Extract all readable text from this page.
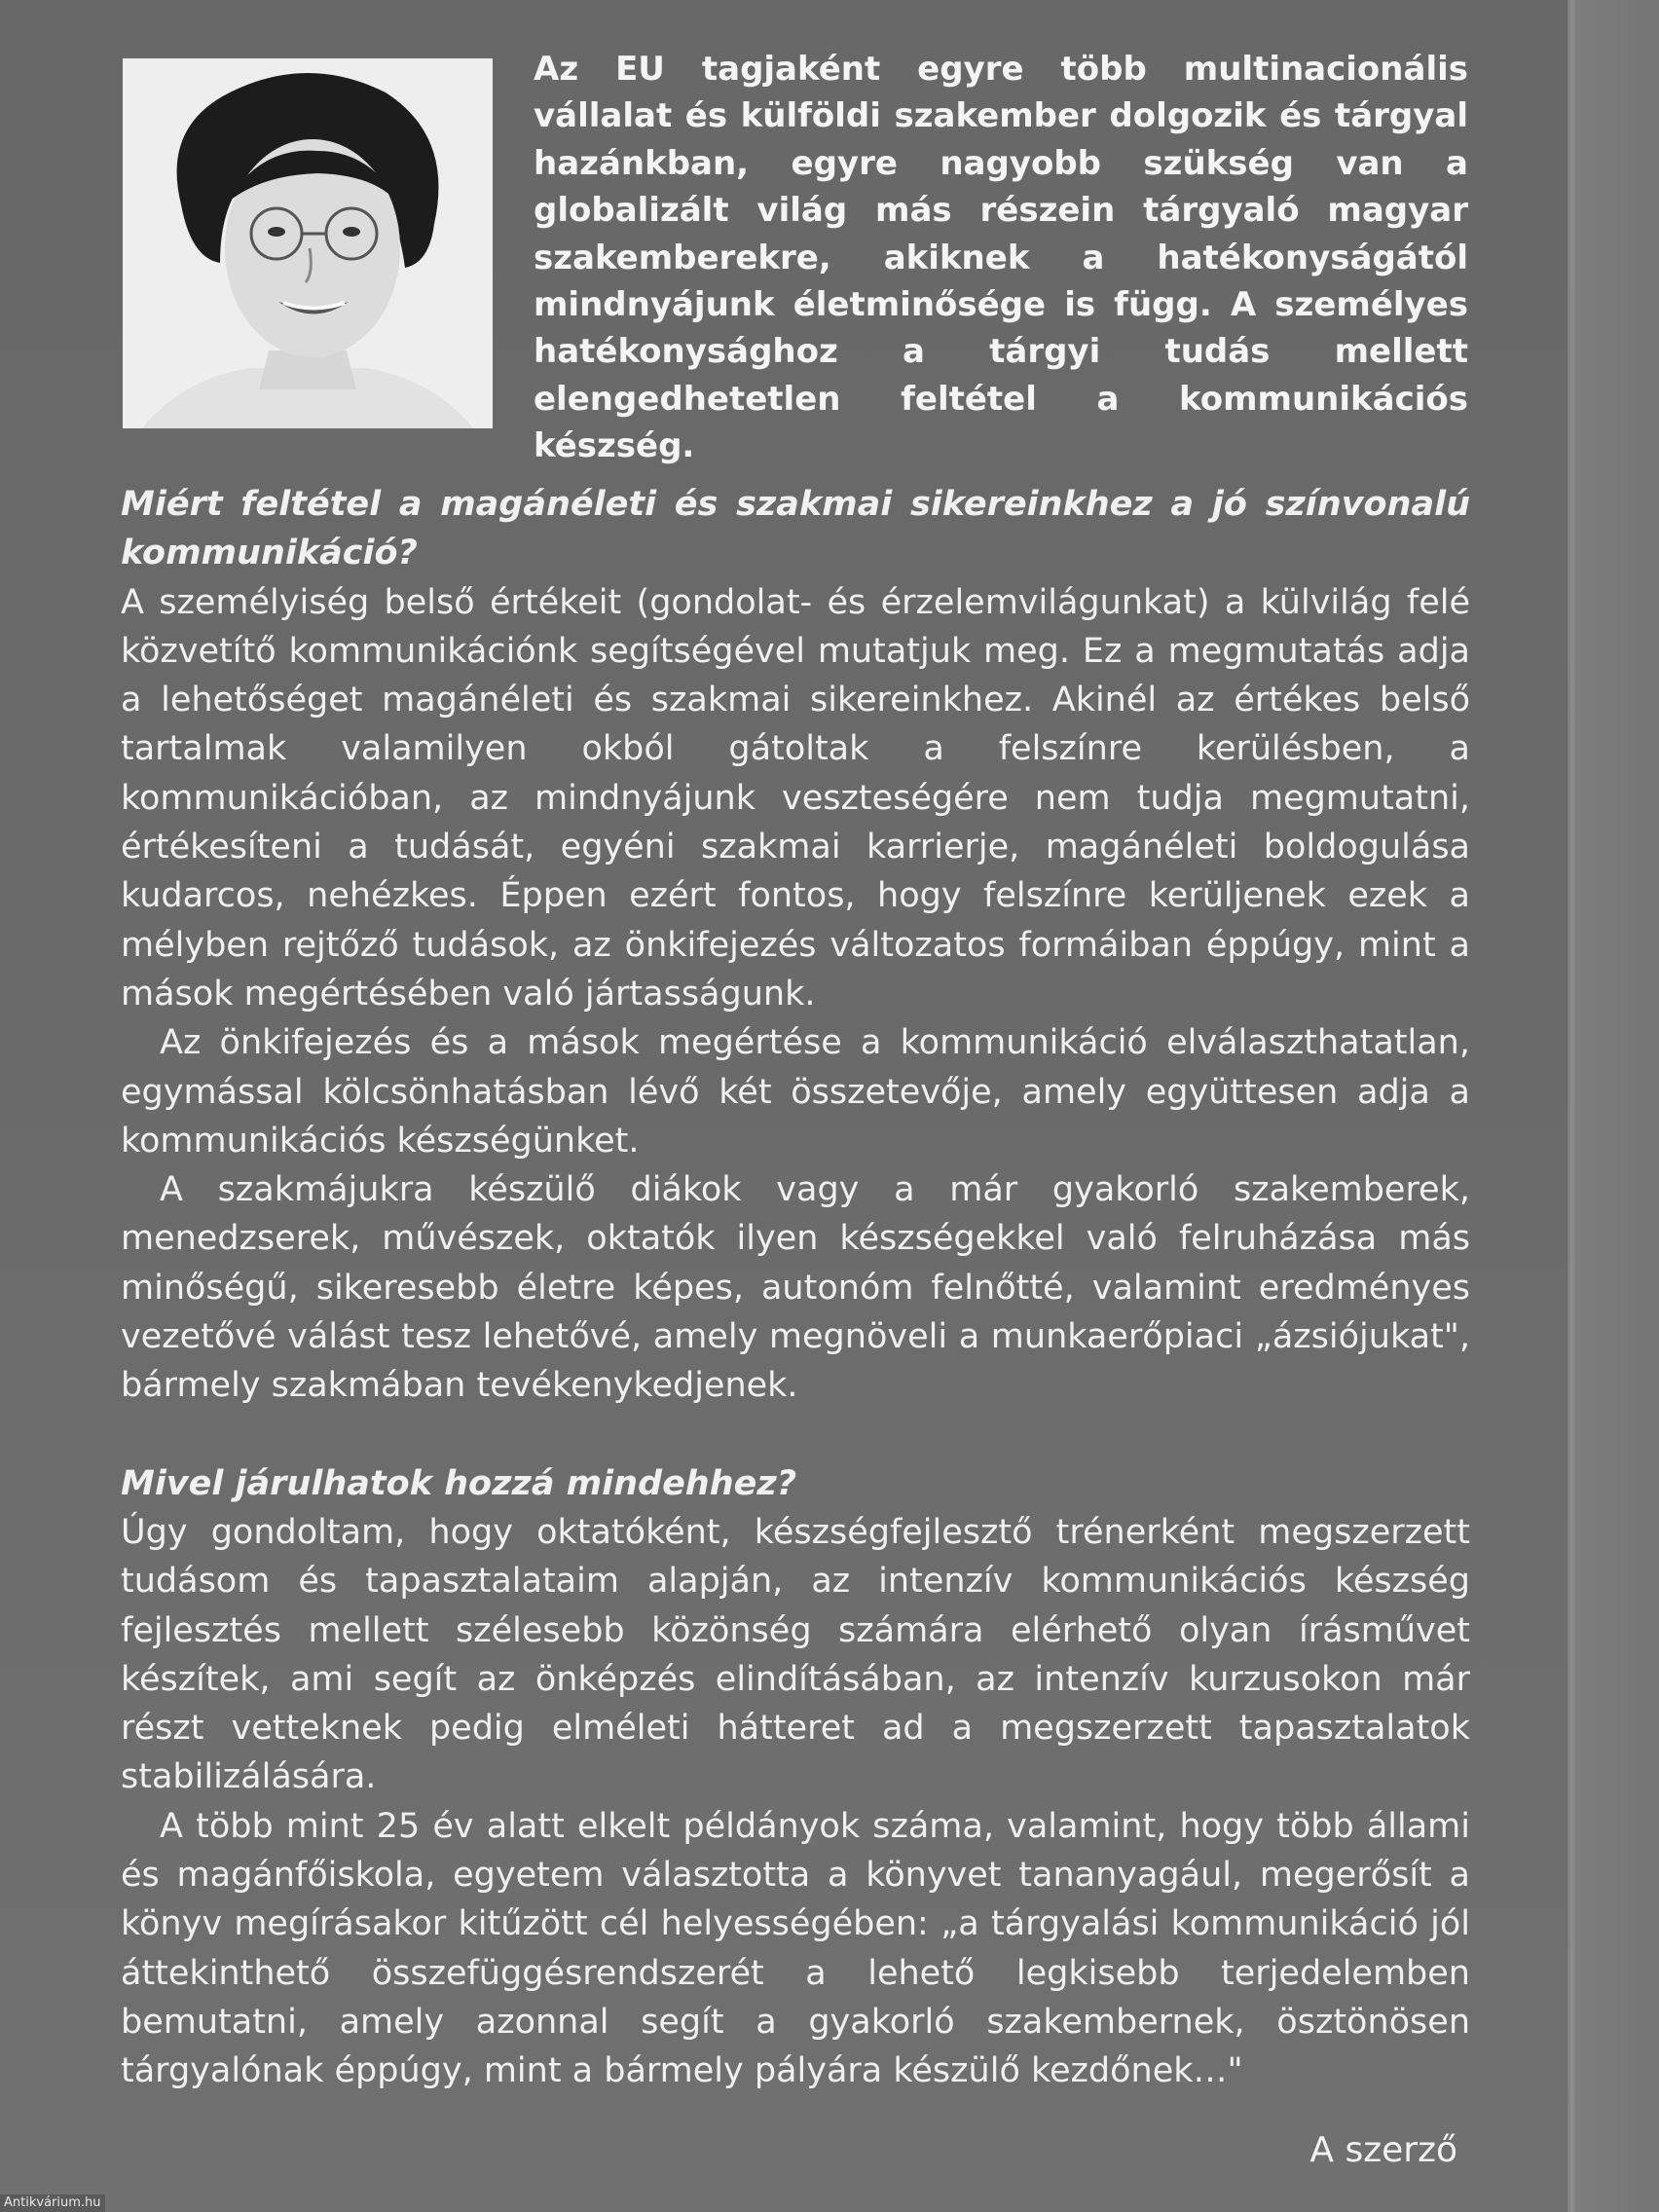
Az EU tagjaként egyre több multinacionális vállalat és külföldi szakember dolgozik és tárgyal hazánkban, egyre nagyobb szükség van a globalizált világ más részein tárgyaló magyar szakemberekre, akiknek a hatékonyságától mindnyájunk életminősége is függ. A személyes hatékonysághoz a tárgyi tudás mellett elengedhetetlen feltétel a kommunikációs készség.

Miért feltétel a magánéleti és szakmai sikereinkhez a jó színvonalú kommunikáció?

A személyiség belső értékeit (gondolat- és érzelemvilágunkat) a külvilág felé közvetítő kommunikációnk segítségével mutatjuk meg. Ez a megmutatás adja a lehetőséget magánéleti és szakmai sikereinkhez. Akinél az értékes belső tartalmak valamilyen okból gátoltak a felszínre kerülésben, a kommunikációban, az mindnyájunk veszteségére nem tudja megmutatni, értékesíteni a tudását, egyéni szakmai karrierje, magánéleti boldogulása kudarcos, nehézkes. Éppen ezért fontos, hogy felszínre kerüljenek ezek a mélyben rejtőző tudások, az önkifejezés változatos formáiban éppúgy, mint a mások megértésében való jártasságunk.

Az önkifejezés és a mások megértése a kommunikáció elválaszthatatlan, egymással kölcsönhatásban lévő két összetevője, amely együttesen adja a kommunikációs készségünket.

A szakmájukra készülő diákok vagy a már gyakorló szakemberek, menedzserek, művészek, oktatók ilyen készségekkel való felruházása más minőségű, sikeresebb életre képes, autonóm felnőtté, valamint eredményes vezetővé válást tesz lehetővé, amely megnöveli a munkaerőpiaci „ázsiójukat", bármely szakmában tevékenykedjenek.

Mivel járulhatok hozzá mindehhez?

Úgy gondoltam, hogy oktatóként, készségfejlesztő trénerként megszerzett tudásom és tapasztalataim alapján, az intenzív kommunikációs készség fejlesztés mellett szélesebb közönség számára elérhető olyan írásművet készítek, ami segít az önképzés elindításában, az intenzív kurzusokon már részt vetteknek pedig elméleti hátteret ad a megszerzett tapasztalatok stabilizálására.

A több mint 25 év alatt elkelt példányok száma, valamint, hogy több állami és magánfőiskola, egyetem választotta a könyvet tananyagául, megerősít a könyv megírásakor kitűzött cél helyességében: „a tárgyalási kommunikáció jól áttekinthető összefüggésrendszerét a lehető legkisebb terjedelemben bemutatni, amely azonnal segít a gyakorló szakembernek, ösztönösen tárgyalónak éppúgy, mint a bármely pályára készülő kezdőnek…"

A szerző
Antikvárium.hu
